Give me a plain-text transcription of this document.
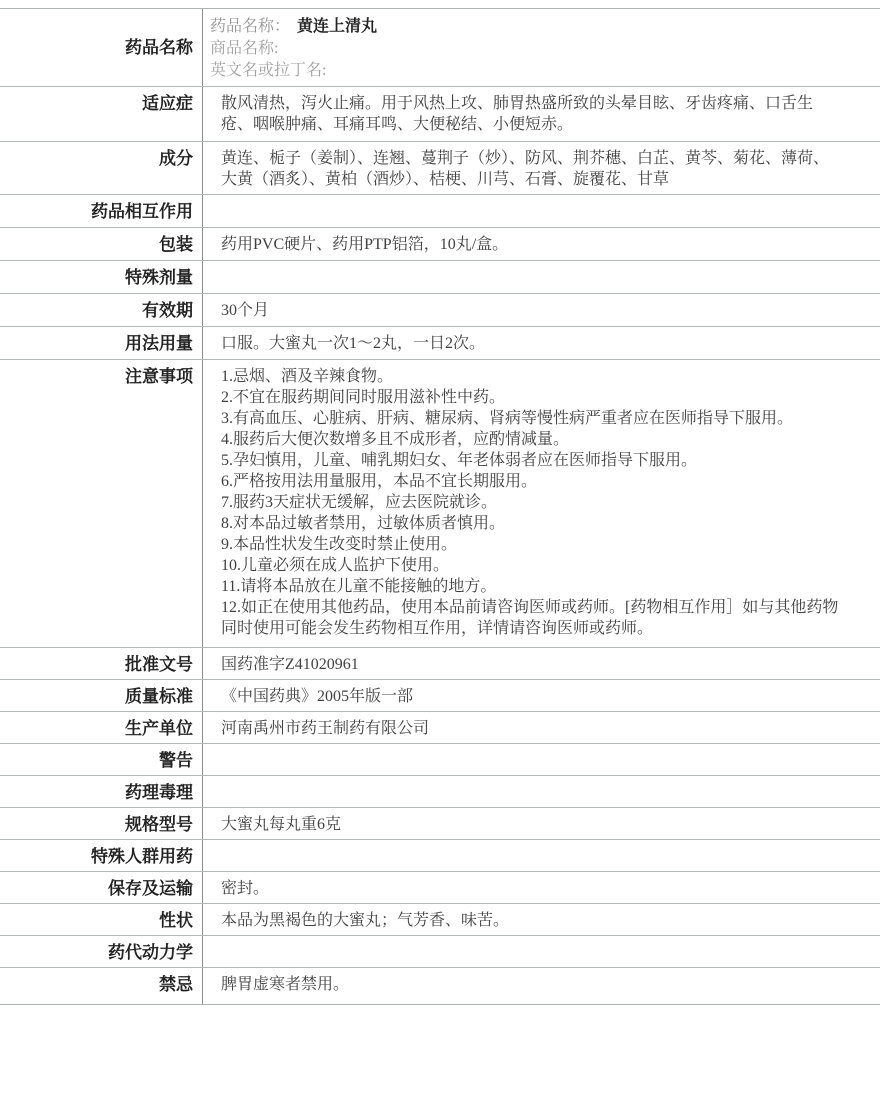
药品名称
药品名称： 黄连上清丸
商品名称:
英文名或拉丁名:
适应症	散风清热，泻火止痛。用于风热上攻、肺胃热盛所致的头晕目眩、牙齿疼痛、口舌生疮、咽喉肿痛、耳痛耳鸣、大便秘结、小便短赤。
成分	黄连、栀子（姜制）、连翘、蔓荆子（炒）、防风、荆芥穗、白芷、黄芩、菊花、薄荷、大黄（酒炙）、黄柏（酒炒）、桔梗、川芎、石膏、旋覆花、甘草
药品相互作用
包装	药用PVC硬片、药用PTP铝箔，10丸/盒。
特殊剂量
有效期	30个月
用法用量	口服。大蜜丸一次1～2丸，一日2次。
注意事项	1.忌烟、酒及辛辣食物。
2.不宜在服药期间同时服用滋补性中药。
3.有高血压、心脏病、肝病、糖尿病、肾病等慢性病严重者应在医师指导下服用。
4.服药后大便次数增多且不成形者，应酌情减量。
5.孕妇慎用，儿童、哺乳期妇女、年老体弱者应在医师指导下服用。
6.严格按用法用量服用，本品不宜长期服用。
7.服药3天症状无缓解，应去医院就诊。
8.对本品过敏者禁用，过敏体质者慎用。
9.本品性状发生改变时禁止使用。
10.儿童必须在成人监护下使用。
11.请将本品放在儿童不能接触的地方。
12.如正在使用其他药品，使用本品前请咨询医师或药师。[药物相互作用］如与其他药物同时使用可能会发生药物相互作用，详情请咨询医师或药师。
批准文号	国药准字Z41020961
质量标准	《中国药典》2005年版一部
生产单位	河南禹州市药王制药有限公司
警告
药理毒理
规格型号	大蜜丸每丸重6克
特殊人群用药
保存及运输	密封。
性状	本品为黑褐色的大蜜丸；气芳香、味苦。
药代动力学
禁忌	脾胃虚寒者禁用。
